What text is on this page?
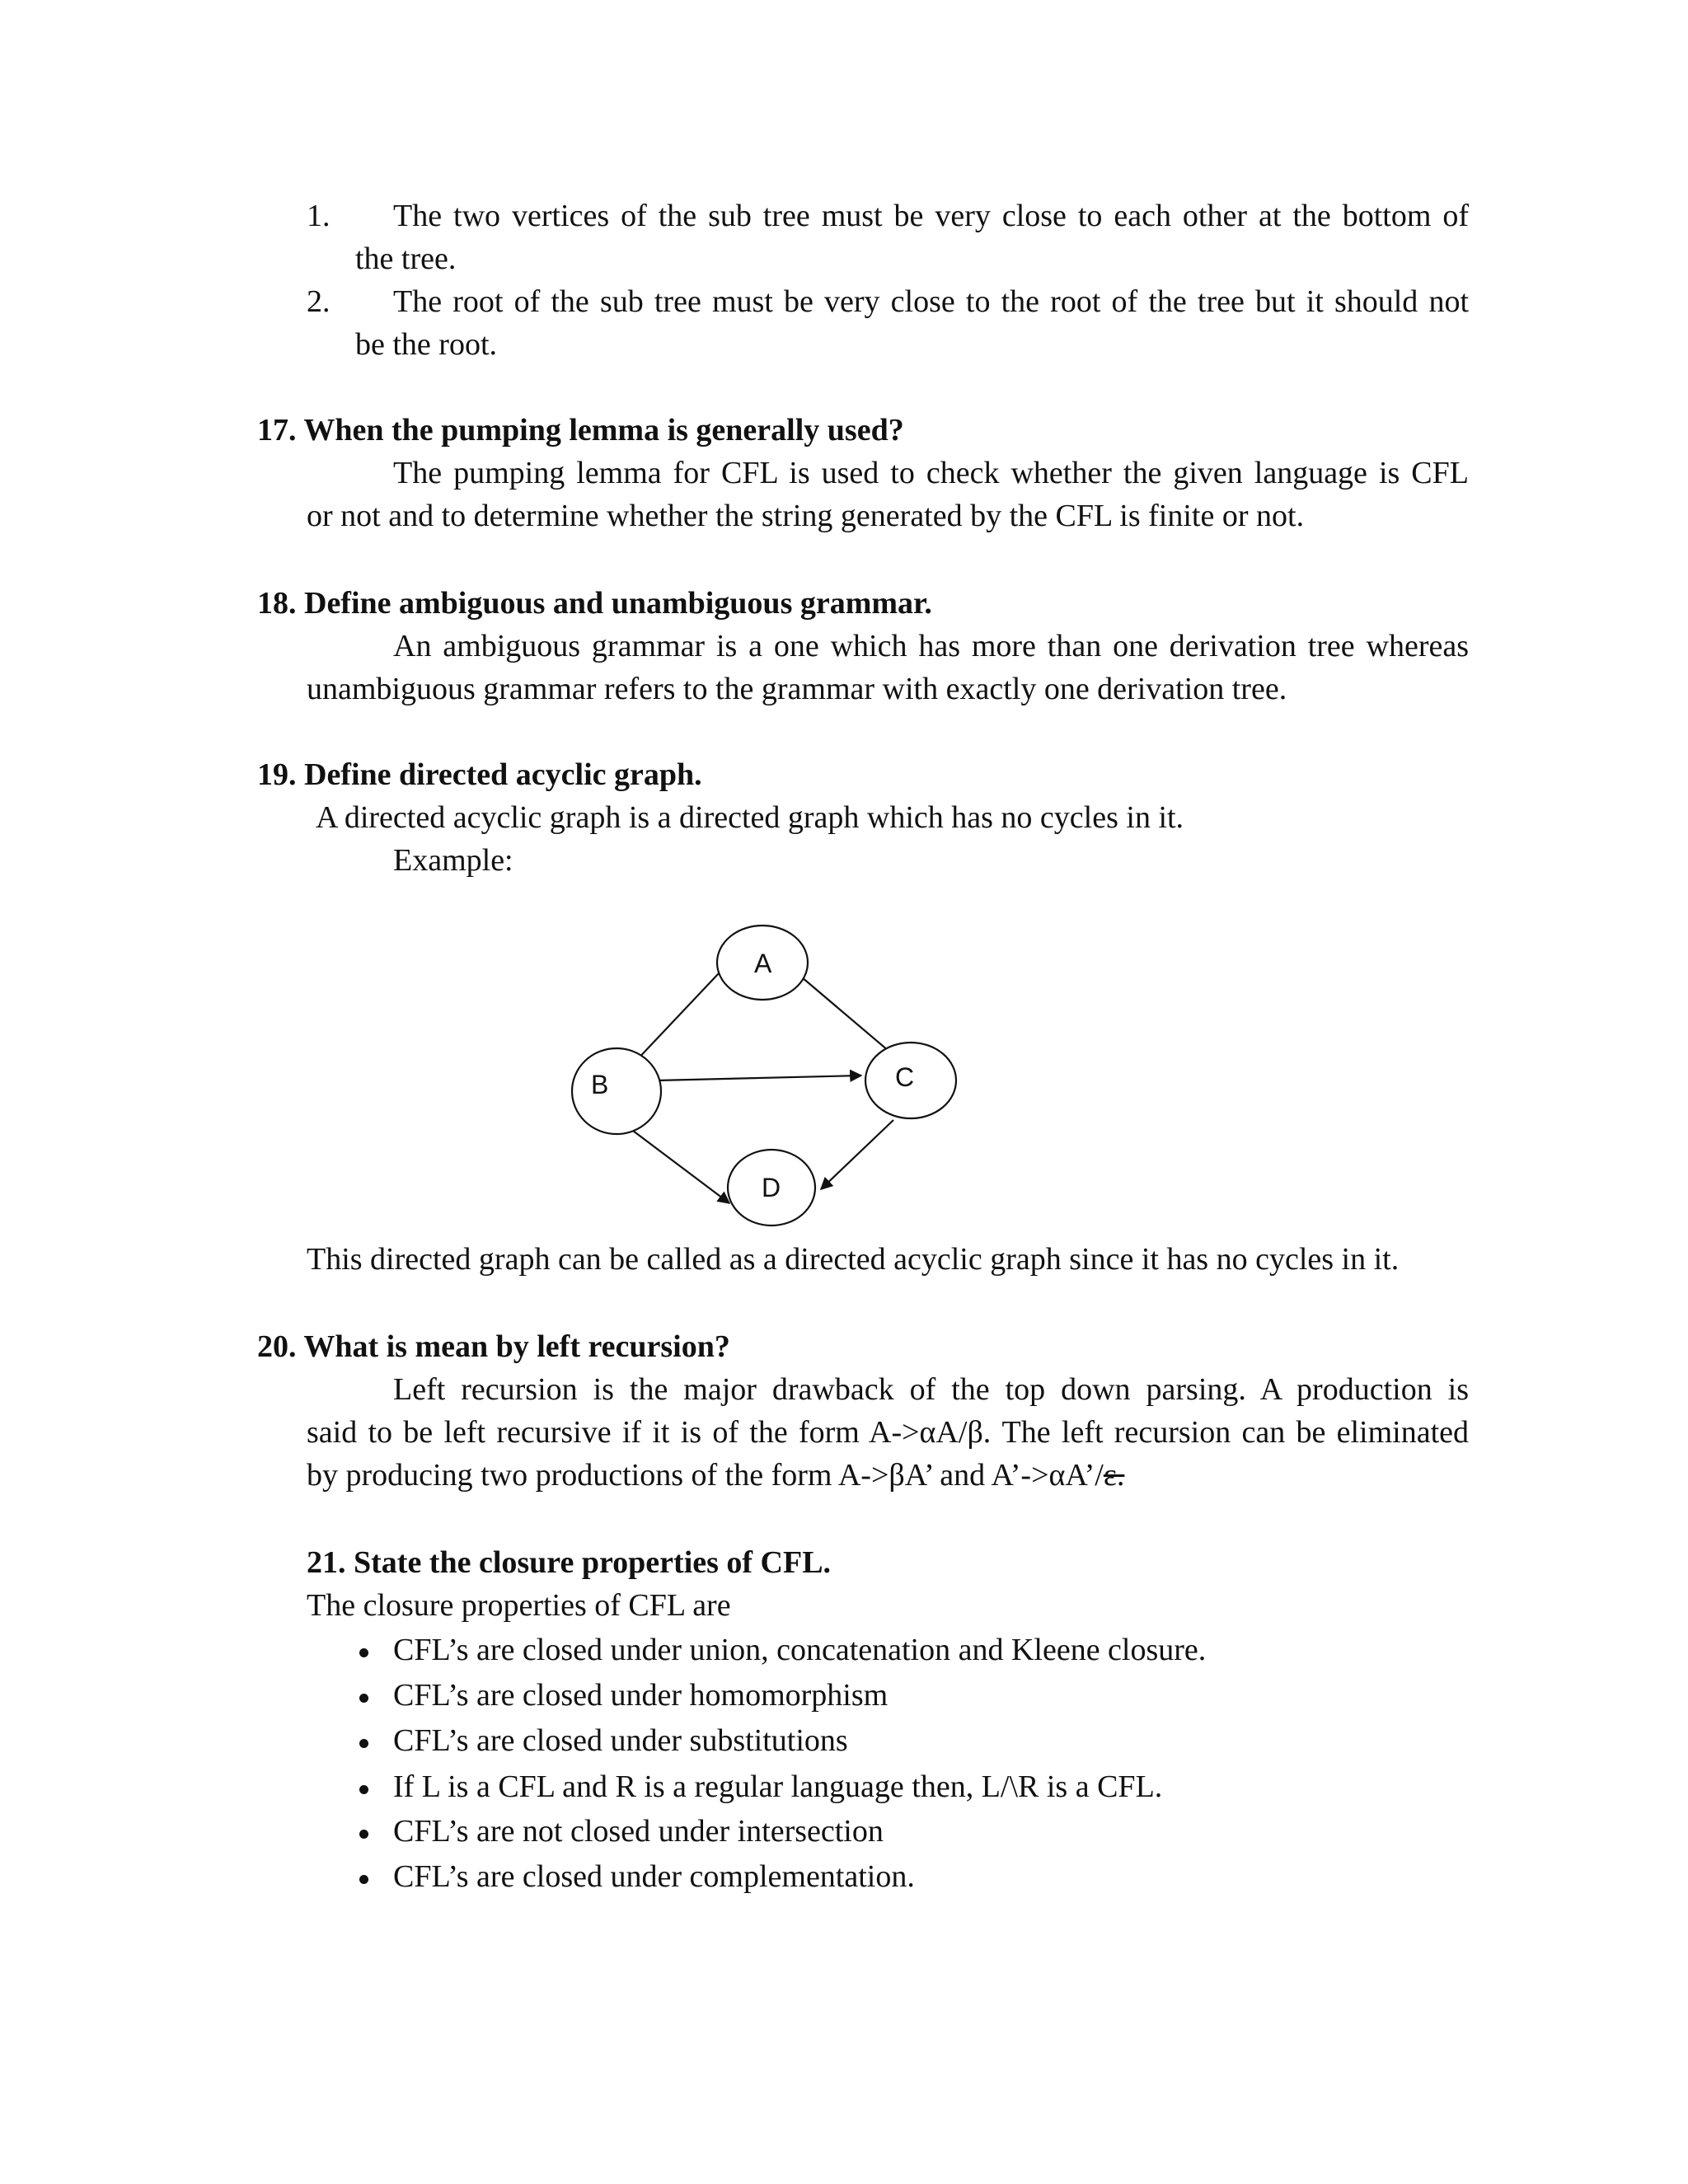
1. The two vertices of the sub tree must be very close to each other at the bottom of
the tree.
2. The root of the sub tree must be very close to the root of the tree but it should not
be the root.
17. When the pumping lemma is generally used?
The pumping lemma for CFL is used to check whether the given language is CFL
or not and to determine whether the string generated by the CFL is finite or not.
18. Define ambiguous and unambiguous grammar.
An ambiguous grammar is a one which has more than one derivation tree whereas
unambiguous grammar refers to the grammar with exactly one derivation tree.
19. Define directed acyclic graph.
A directed acyclic graph is a directed graph which has no cycles in it.
Example:
A
B	C
D
This directed graph can be called as a directed acyclic graph since it has no cycles in it.
20. What is mean by left recursion?
Left recursion is the major drawback of the top down parsing. A production is
said to be left recursive if it is of the form A->αA/β. The left recursion can be eliminated
by producing two productions of the form A->βA’ and A’->αA’/ε.
21. State the closure properties of CFL.
The closure properties of CFL are
CFL’s are closed under union, concatenation and Kleene closure.
CFL’s are closed under homomorphism
CFL’s are closed under substitutions
If L is a CFL and R is a regular language then, L/\R is a CFL.
CFL’s are not closed under intersection
CFL’s are closed under complementation.
